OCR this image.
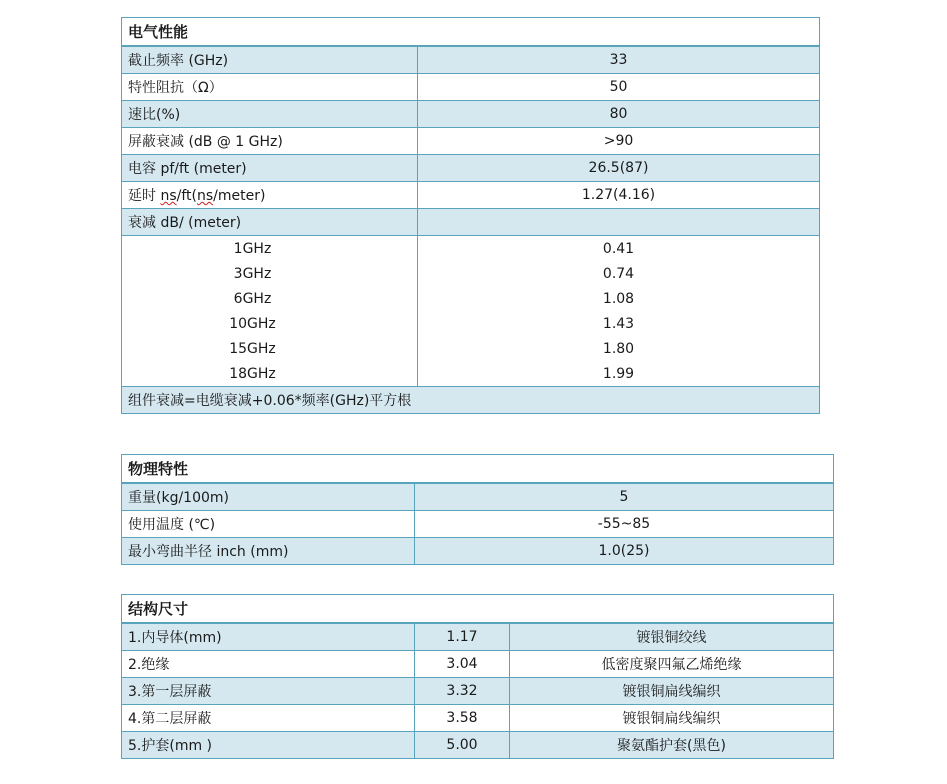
电气性能	
截止频率 (GHz)	33
特性阻抗（Ω）	50
速比(%)	80
屏蔽衰减 (dB @ 1 GHz)	>90
电容 pf/ft (meter)	26.5(87)
延时 ns/ft(ns/meter)	1.27(4.16)
衰减 dB/ (meter)	
1GHz	0.41
3GHz	0.74
6GHz	1.08
10GHz	1.43
15GHz	1.80
18GHz	1.99
组件衰减=电缆衰减+0.06*频率(GHz)平方根	
物理特性	
重量(kg/100m)	5
使用温度 (℃)	-55~85
最小弯曲半径 inch (mm)	1.0(25)
结构尺寸		
1.内导体(mm)	1.17	镀银铜绞线
2.绝缘	3.04	低密度聚四氟乙烯绝缘
3.第一层屏蔽	3.32	镀银铜扁线编织
4.第二层屏蔽	3.58	镀银铜扁线编织
5.护套(mm )	5.00	聚氨酯护套(黑色)
